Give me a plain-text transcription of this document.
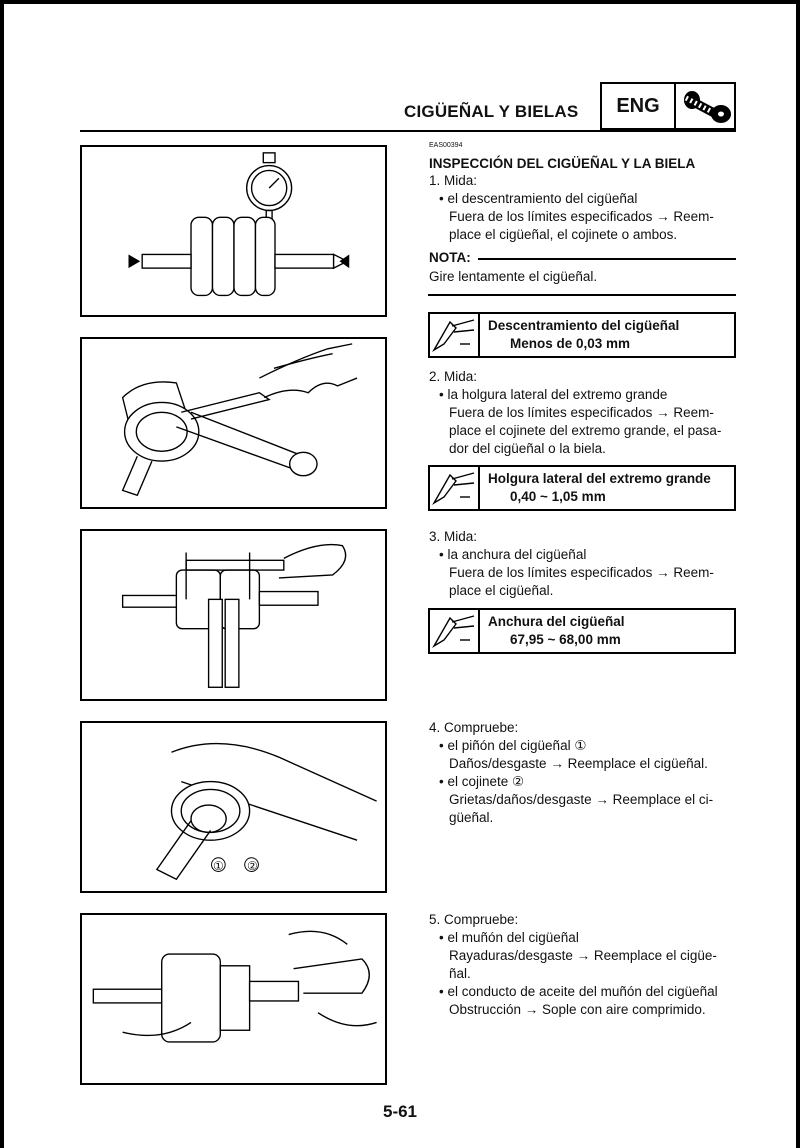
CIGÜEÑAL Y BIELAS	ENG
① ②
EAS00394
INSPECCIÓN DEL CIGÜEÑAL Y LA BIELA
1. Mida:
• el descentramiento del cigüeñal
Fuera de los límites especificados → Reem-
place el cigüeñal, el cojinete o ambos.
NOTA:
Gire lentamente el cigüeñal.
Descentramiento del cigüeñal
Menos de 0,03 mm
2. Mida:
• la holgura lateral del extremo grande
Fuera de los límites especificados → Reem-
place el cojinete del extremo grande, el pasa-
dor del cigüeñal o la biela.
Holgura lateral del extremo grande
0,40 ~ 1,05 mm
3. Mida:
• la anchura del cigüeñal
Fuera de los límites especificados → Reem-
place el cigüeñal.
Anchura del cigüeñal
67,95 ~ 68,00 mm
4. Compruebe:
• el piñón del cigüeñal ①
Daños/desgaste → Reemplace el cigüeñal.
• el cojinete ②
Grietas/daños/desgaste → Reemplace el ci-
güeñal.
5. Compruebe:
• el muñón del cigüeñal
Rayaduras/desgaste → Reemplace el cigüe-
ñal.
• el conducto de aceite del muñón del cigüeñal
Obstrucción → Sople con aire comprimido.
5-61
